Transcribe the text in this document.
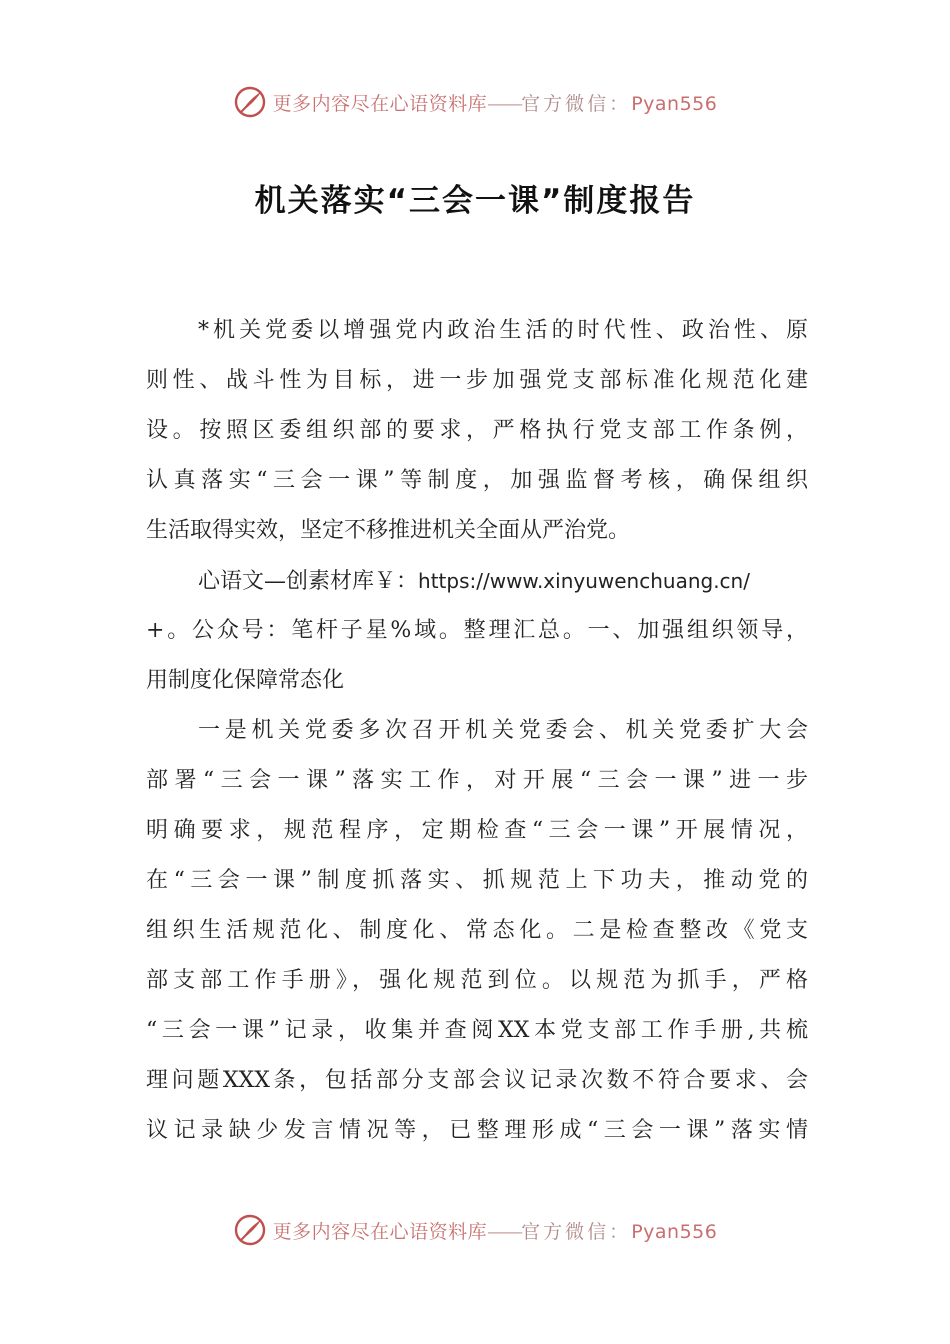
更多内容尽在心语资料库——官方微信：Pyan556
机关落实“三会一课”制度报告
*机关党委以增强党内政治生活的时代性、政治性、原
则性、战斗性为目标，进一步加强党支部标准化规范化建
设。按照区委组织部的要求，严格执行党支部工作条例，
认真落实“三会一课”等制度，加强监督考核，确保组织
生活取得实效，坚定不移推进机关全面从严治党。
心语文—创素材库￥：https://www.xinyuwenchuang.cn/
+。公众号：笔杆子星%域。整理汇总。一、加强组织领导，
用制度化保障常态化
一是机关党委多次召开机关党委会、机关党委扩大会
部署“三会一课”落实工作，对开展“三会一课”进一步
明确要求，规范程序，定期检查“三会一课”开展情况，
在“三会一课”制度抓落实、抓规范上下功夫，推动党的
组织生活规范化、制度化、常态化。二是检查整改《党支
部支部工作手册》，强化规范到位。以规范为抓手，严格
“三会一课”记录，收集并查阅XX本党支部工作手册,共梳
理问题XXX条，包括部分支部会议记录次数不符合要求、会
议记录缺少发言情况等，已整理形成“三会一课”落实情
更多内容尽在心语资料库——官方微信：Pyan556
